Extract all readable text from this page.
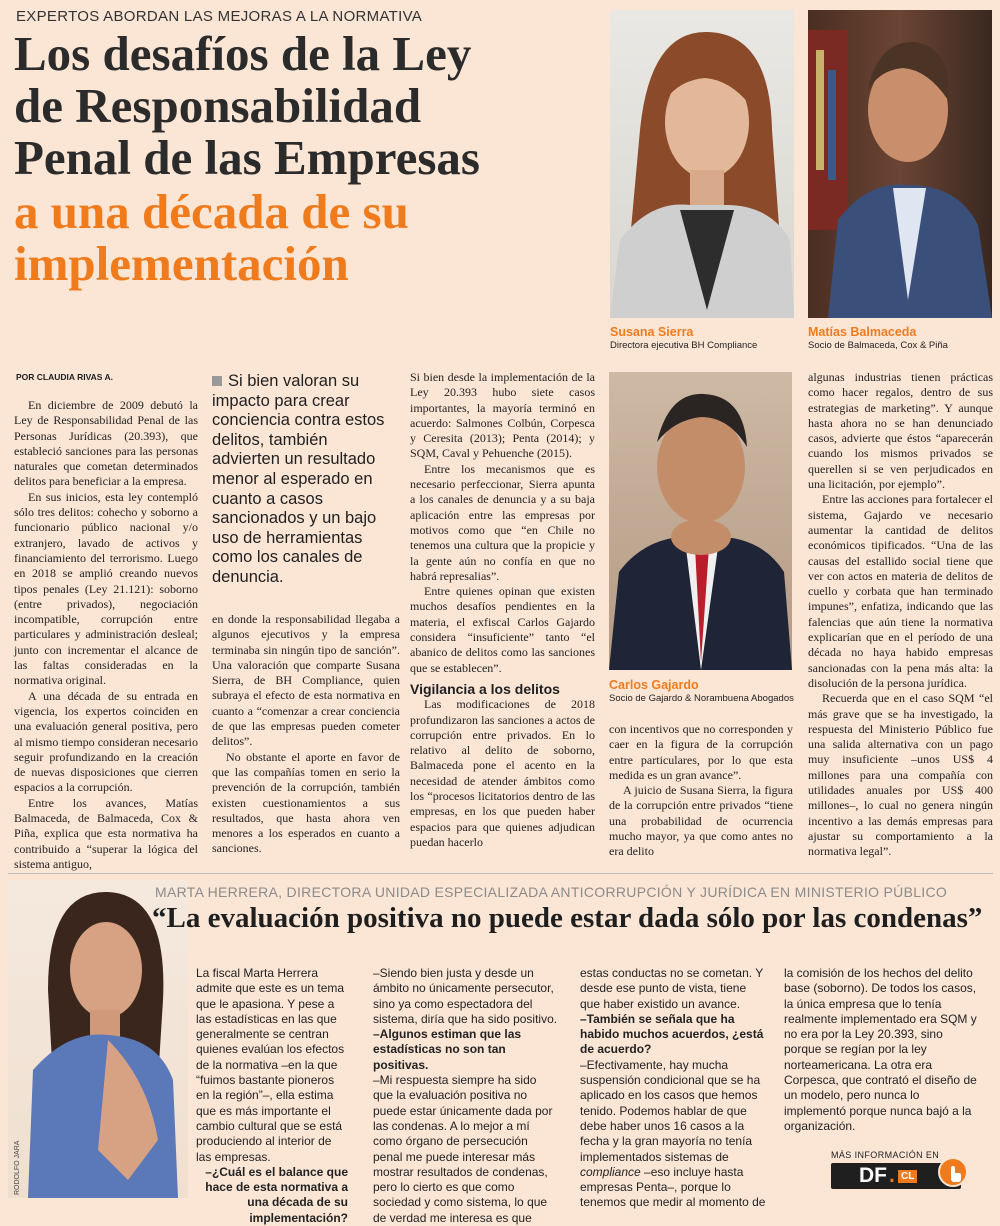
EXPERTOS ABORDAN LAS MEJORAS A LA NORMATIVA
Los desafíos de la Ley
de Responsabilidad
Penal de las Empresas
a una década de su
implementación
Susana Sierra
Directora ejecutiva BH Compliance
Matías Balmaceda
Socio de Balmaceda, Cox & Piña
Carlos Gajardo
Socio de Gajardo & Norambuena Abogados
POR CLAUDIA RIVAS A.

En diciembre de 2009 debutó la Ley de Responsabilidad Penal de las Personas Jurídicas (20.393), que estableció sanciones para las personas naturales que cometan determinados delitos para beneficiar a la empresa.

En sus inicios, esta ley contempló sólo tres delitos: cohecho y soborno a funcionario público nacional y/o extranjero, lavado de activos y financiamiento del terrorismo. Luego en 2018 se amplió creando nuevos tipos penales (Ley 21.121): soborno (entre privados), negociación incompatible, corrupción entre particulares y administración desleal; junto con incrementar el alcance de las faltas consideradas en la normativa original.

A una década de su entrada en vigencia, los expertos coinciden en una evaluación general positiva, pero al mismo tiempo consideran necesario seguir profundizando en la creación de nuevas disposiciones que cierren espacios a la corrupción.

Entre los avances, Matías Balmaceda, de Balmaceda, Cox & Piña, explica que esta normativa ha contribuido a “superar la lógica del sistema antiguo,

Si bien valoran su impacto para crear conciencia contra estos delitos, también advierten un resultado menor al esperado en cuanto a casos sancionados y un bajo uso de herramientas como los canales de denuncia.

en donde la responsabilidad llegaba a algunos ejecutivos y la empresa terminaba sin ningún tipo de sanción”. Una valoración que comparte Susana Sierra, de BH Compliance, quien subraya el efecto de esta normativa en cuanto a “comenzar a crear conciencia de que las empresas pueden cometer delitos”.

No obstante el aporte en favor de que las compañías tomen en serio la prevención de la corrupción, también existen cuestionamientos a sus resultados, que hasta ahora ven menores a los esperados en cuanto a sanciones.

Si bien desde la implementación de la Ley 20.393 hubo siete casos importantes, la mayoría terminó en acuerdo: Salmones Colbún, Corpesca y Ceresita (2013); Penta (2014); y SQM, Caval y Pehuenche (2015).

Entre los mecanismos que es necesario perfeccionar, Sierra apunta a los canales de denuncia y a su baja aplicación entre las empresas por motivos como que “en Chile no tenemos una cultura que la propicie y la gente aún no confía en que no habrá represalias”.

Entre quienes opinan que existen muchos desafíos pendientes en la materia, el exfiscal Carlos Gajardo considera “insuficiente” tanto “el abanico de delitos como las sanciones que se establecen”.

Vigilancia a los delitos

Las modificaciones de 2018 profundizaron las sanciones a actos de corrupción entre privados. En lo relativo al delito de soborno, Balmaceda pone el acento en la necesidad de atender ámbitos como los “procesos licitatorios dentro de las empresas, en los que pueden haber espacios para que quienes adjudican puedan hacerlo

con incentivos que no corresponden y caer en la figura de la corrupción entre particulares, por lo que esta medida es un gran avance”.

A juicio de Susana Sierra, la figura de la corrupción entre privados “tiene una probabilidad de ocurrencia mucho mayor, ya que como antes no era delito

algunas industrias tienen prácticas como hacer regalos, dentro de sus estrategias de marketing”. Y aunque hasta ahora no se han denunciado casos, advierte que éstos “aparecerán cuando los mismos privados se querellen si se ven perjudicados en una licitación, por ejemplo”.

Entre las acciones para fortalecer el sistema, Gajardo ve necesario aumentar la cantidad de delitos económicos tipificados. “Una de las causas del estallido social tiene que ver con actos en materia de delitos de cuello y corbata que han terminado impunes”, enfatiza, indicando que las falencias que aún tiene la normativa explicarían que en el período de una década no haya habido empresas sancionadas con la pena más alta: la disolución de la persona jurídica.

Recuerda que en el caso SQM “el más grave que se ha investigado, la respuesta del Ministerio Público fue una salida alternativa con un pago muy insuficiente –unos US$ 4 millones para una compañía con utilidades anuales por US$ 400 millones–, lo cual no genera ningún incentivo a las demás empresas para ajustar su comportamiento a la normativa legal”.

RODOLFO JARA
MARTA HERRERA, DIRECTORA UNIDAD ESPECIALIZADA ANTICORRUPCIÓN Y JURÍDICA EN MINISTERIO PÚBLICO
“La evaluación positiva no puede estar dada sólo por las condenas”

La fiscal Marta Herrera admite que este es un tema que le apasiona. Y pese a las estadísticas en las que generalmente se centran quienes evalúan los efectos de la normativa –en la que “fuimos bastante pioneros en la región”–, ella estima que es más importante el cambio cultural que se está produciendo al interior de las empresas.

–¿Cuál es el balance que hace de esta normativa a una década de su implementación?

–Siendo bien justa y desde un ámbito no únicamente persecutor, sino ya como espectadora del sistema, diría que ha sido positivo.

–Algunos estiman que las estadísticas no son tan positivas.

–Mi respuesta siempre ha sido que la evaluación positiva no puede estar únicamente dada por las condenas. A lo mejor a mí como órgano de persecución penal me puede interesar más mostrar resultados de condenas, pero lo cierto es que como sociedad y como sistema, lo que de verdad me interesa es que

estas conductas no se cometan. Y desde ese punto de vista, tiene que haber existido un avance.

–También se señala que ha habido muchos acuerdos, ¿está de acuerdo?

–Efectivamente, hay mucha suspensión condicional que se ha aplicado en los casos que hemos tenido. Podemos hablar de que debe haber unos 16 casos a la fecha y la gran mayoría no tenía implementados sistemas de compliance –eso incluye hasta empresas Penta–, porque lo tenemos que medir al momento de

la comisión de los hechos del delito base (soborno). De todos los casos, la única empresa que lo tenía realmente implementado era SQM y no era por la Ley 20.393, sino porque se regían por la ley norteamericana. La otra era Corpesca, que contrató el diseño de un modelo, pero nunca lo implementó porque nunca bajó a la organización.

MÁS INFORMACIÓN EN
DF . CL
